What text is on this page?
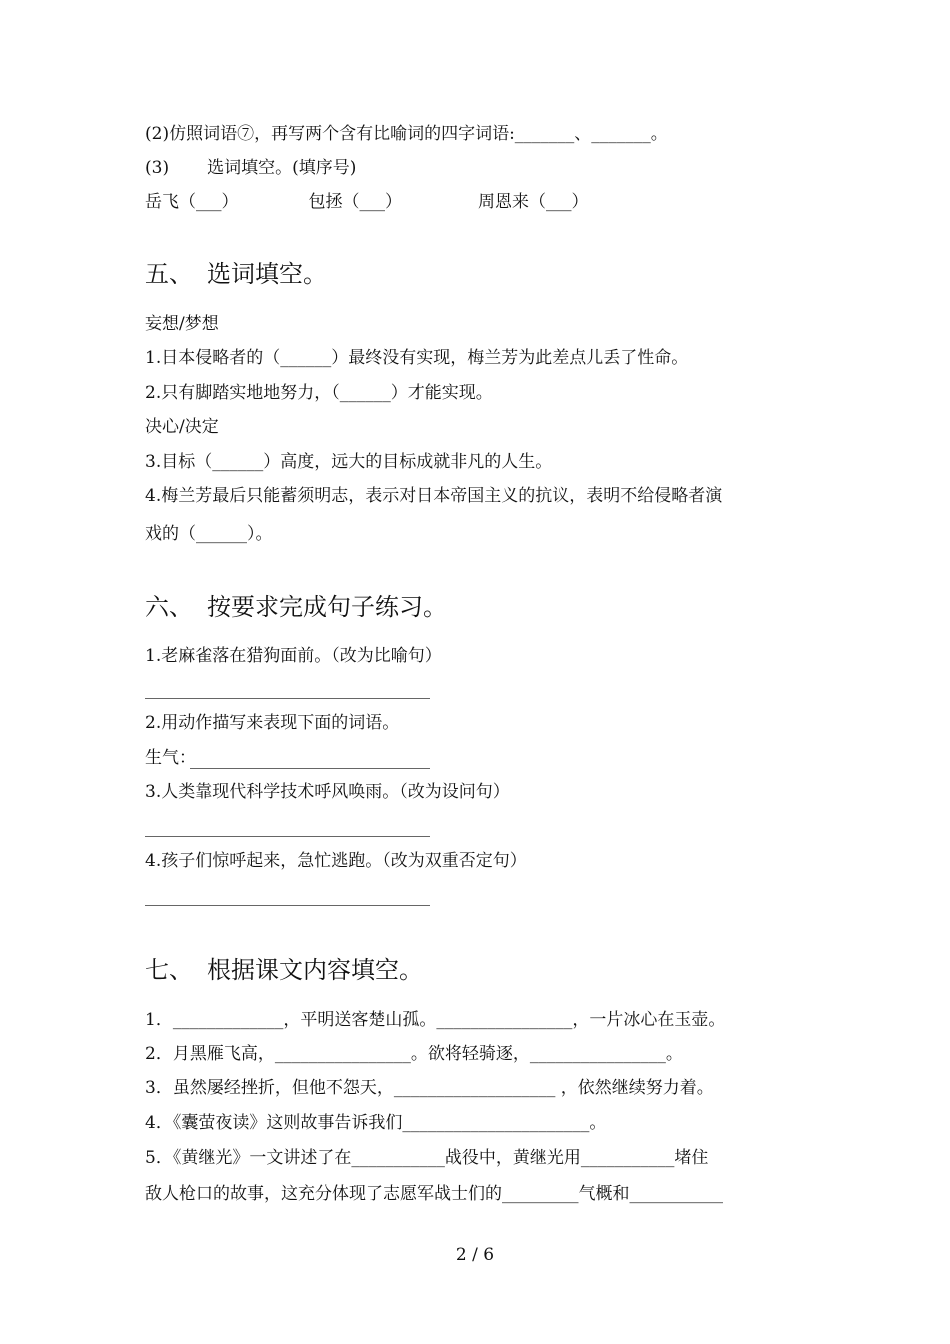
(2)仿照词语⑦，再写两个含有比喻词的四字词语:_______、_______。
(3) 选词填空。(填序号)
岳飞（___）	包拯（___）	周恩来（___）
五、 选词填空。
妄想/梦想
1.日本侵略者的（______）最终没有实现，梅兰芳为此差点儿丢了性命。
2.只有脚踏实地地努力，（______）才能实现。
决心/决定
3.目标（______）高度，远大的目标成就非凡的人生。
4.梅兰芳最后只能蓄须明志，表示对日本帝国主义的抗议，表明不给侵略者演
戏的（______）。
六、 按要求完成句子练习。
1.老麻雀落在猎狗面前。（改为比喻句）
2.用动作描写来表现下面的词语。
生气：
3.人类靠现代科学技术呼风唤雨。（改为设问句）
4.孩子们惊呼起来，急忙逃跑。（改为双重否定句）
七、 根据课文内容填空。
1．_____________，平明送客楚山孤。________________，一片冰心在玉壶。
2．月黑雁飞高，________________。欲将轻骑逐，________________。
3．虽然屡经挫折，但他不怨天，___________________ ，依然继续努力着。
4．《囊萤夜读》这则故事告诉我们______________________。
5．《黄继光》一文讲述了在___________战役中，黄继光用___________堵住
敌人枪口的故事，这充分体现了志愿军战士们的_________气概和___________
2 / 6
